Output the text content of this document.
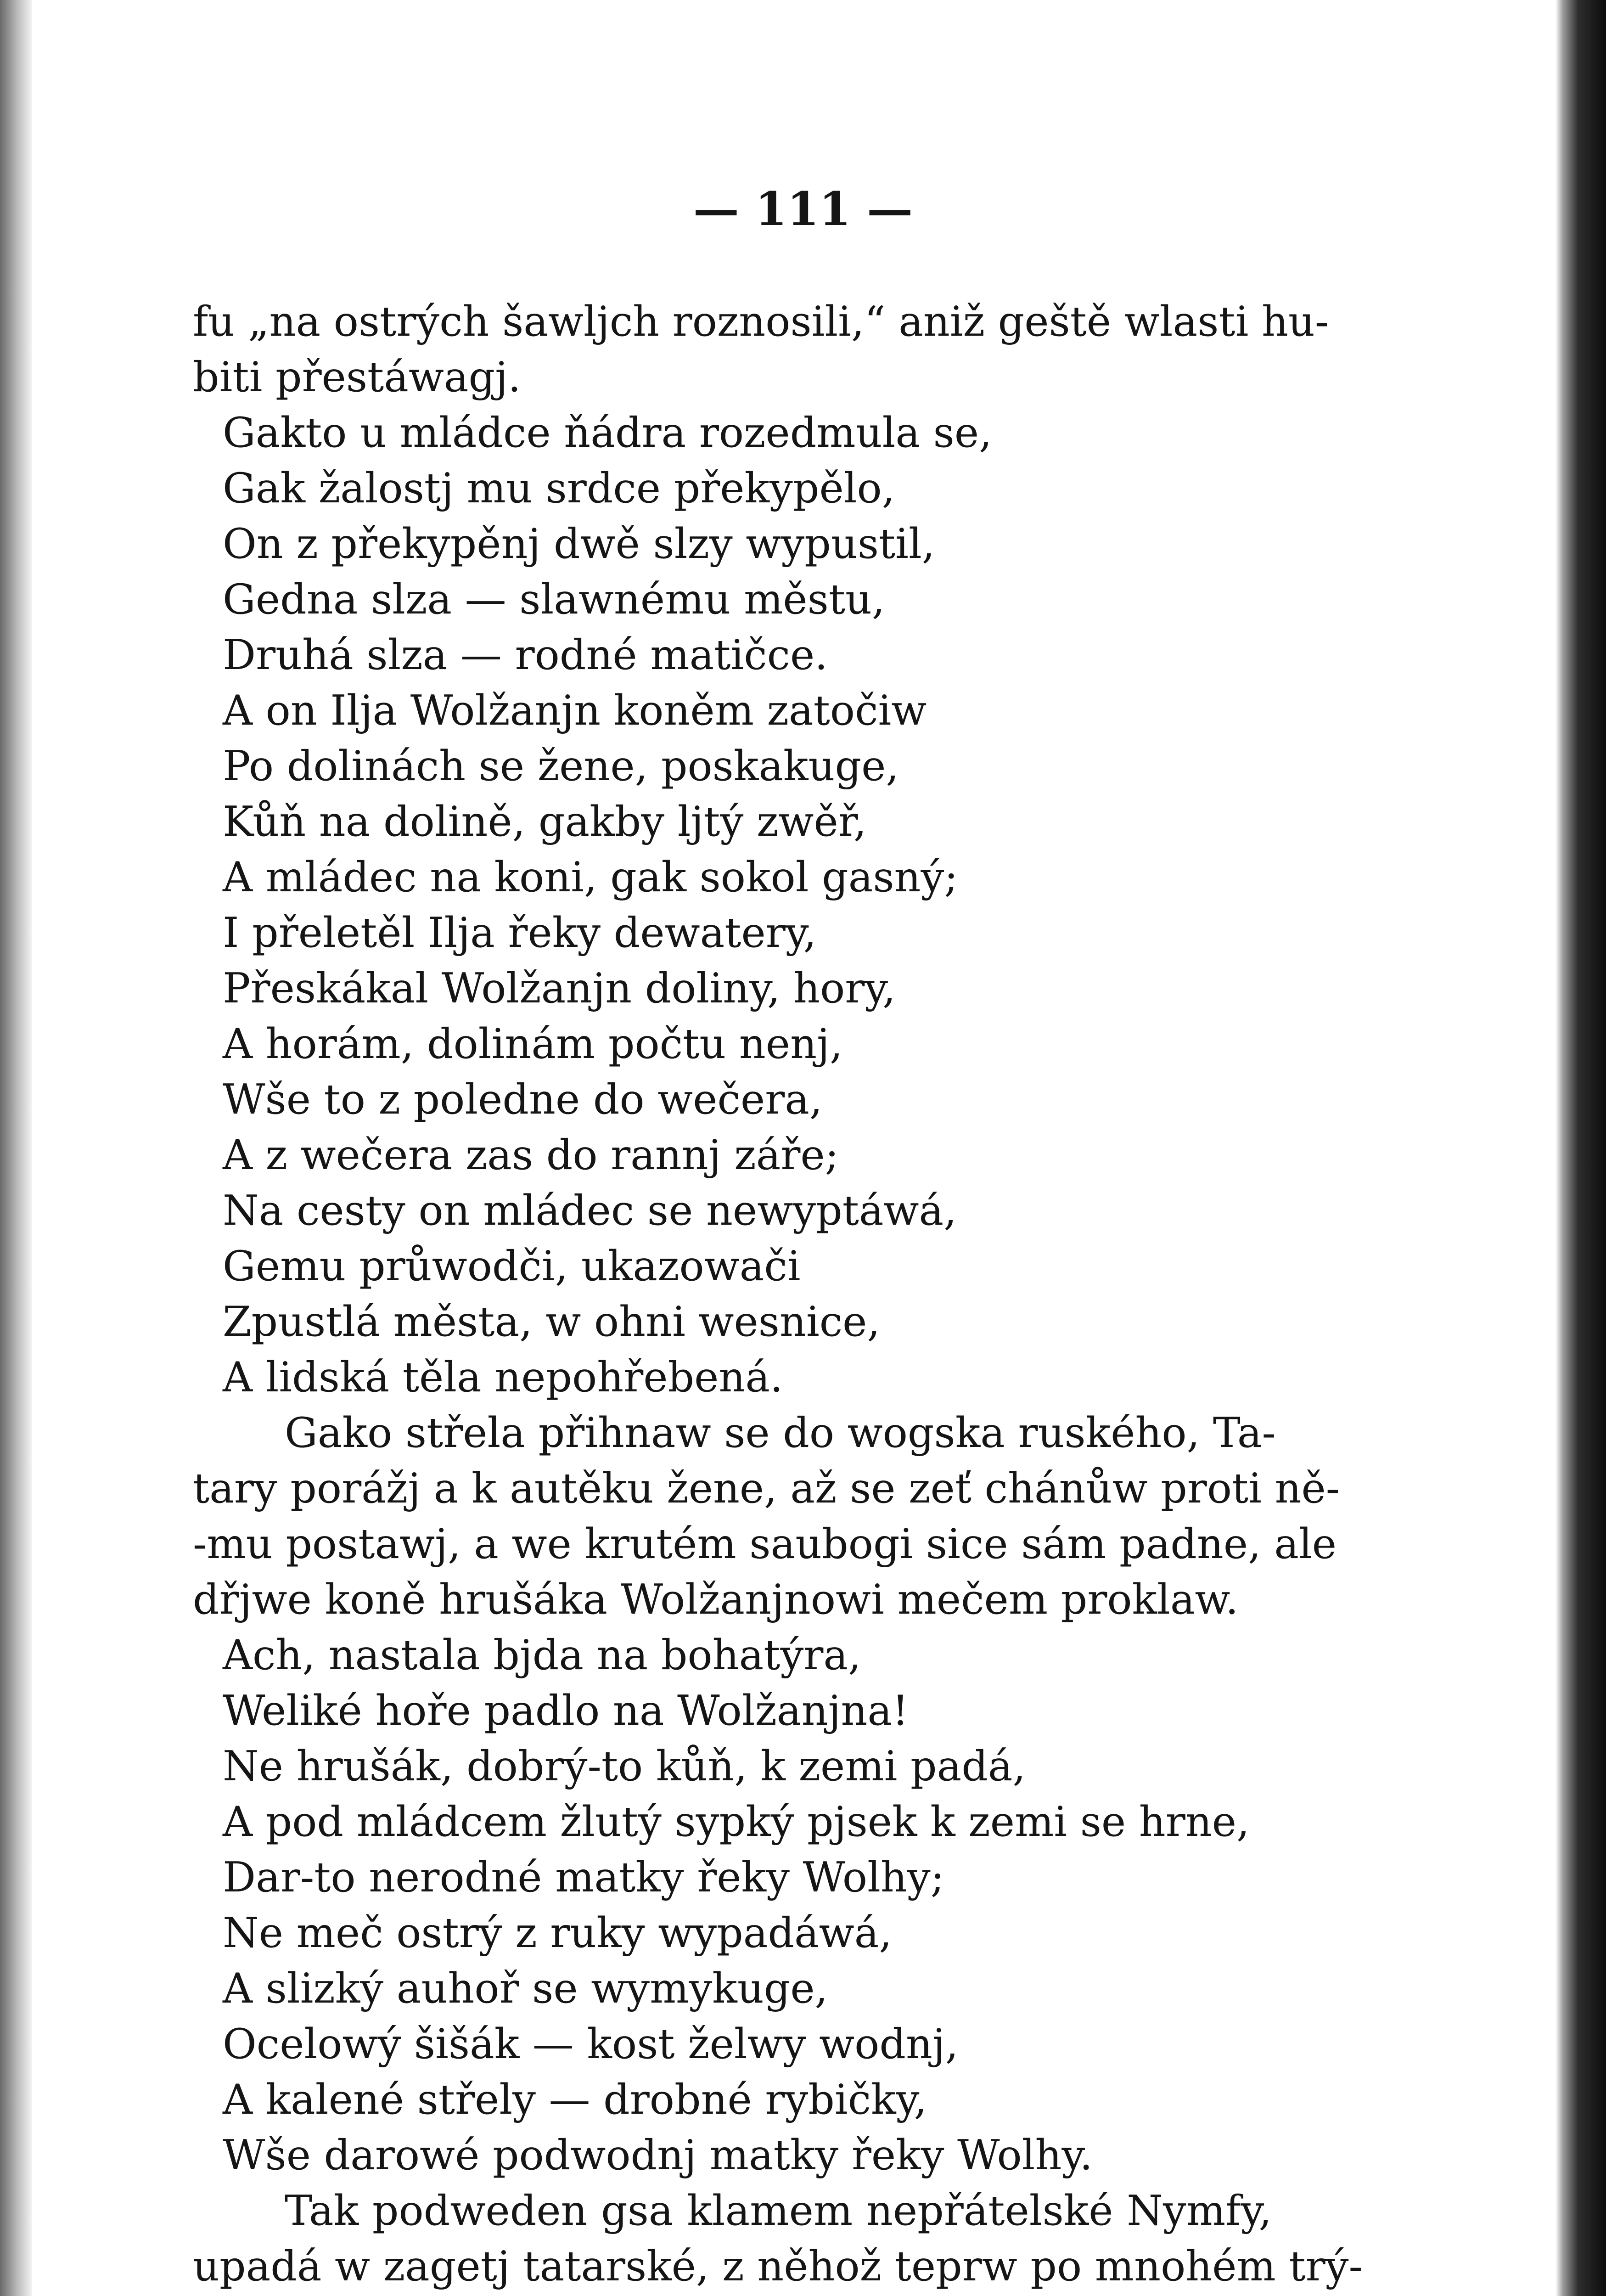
— 111 —
fu „na ostrých šawljch roznosili,“ aniž geště wlasti hu-
biti přestáwagj.
Gakto u mládce ňádra rozedmula se,
Gak žalostj mu srdce překypělo,
On z překypěnj dwě slzy wypustil,
Gedna slza — slawnému městu,
Druhá slza — rodné matičce.
A on Ilja Wolžanjn koněm zatočiw
Po dolinách se žene, poskakuge,
Kůň na dolině, gakby ljtý zwěř,
A mládec na koni, gak sokol gasný;
I přeletěl Ilja řeky dewatery,
Přeskákal Wolžanjn doliny, hory,
A horám, dolinám počtu nenj,
Wše to z poledne do wečera,
A z wečera zas do rannj záře;
Na cesty on mládec se newyptáwá,
Gemu průwodči, ukazowači
Zpustlá města, w ohni wesnice,
A lidská těla nepohřebená.
Gako střela přihnaw se do wogska ruského, Ta-
tary porážj a k autěku žene, až se zeť chánůw proti ně-
-mu postawj, a we krutém saubogi sice sám padne, ale
dřjwe koně hrušáka Wolžanjnowi mečem proklaw.
Ach, nastala bjda na bohatýra,
Weliké hoře padlo na Wolžanjna!
Ne hrušák, dobrý-to kůň, k zemi padá,
A pod mládcem žlutý sypký pjsek k zemi se hrne,
Dar-to nerodné matky řeky Wolhy;
Ne meč ostrý z ruky wypadáwá,
A slizký auhoř se wymykuge,
Ocelowý šišák — kost želwy wodnj,
A kalené střely — drobné rybičky,
Wše darowé podwodnj matky řeky Wolhy.
Tak podweden gsa klamem nepřátelské Nymfy,
upadá w zagetj tatarské, z něhož teprw po mnohém trý-
